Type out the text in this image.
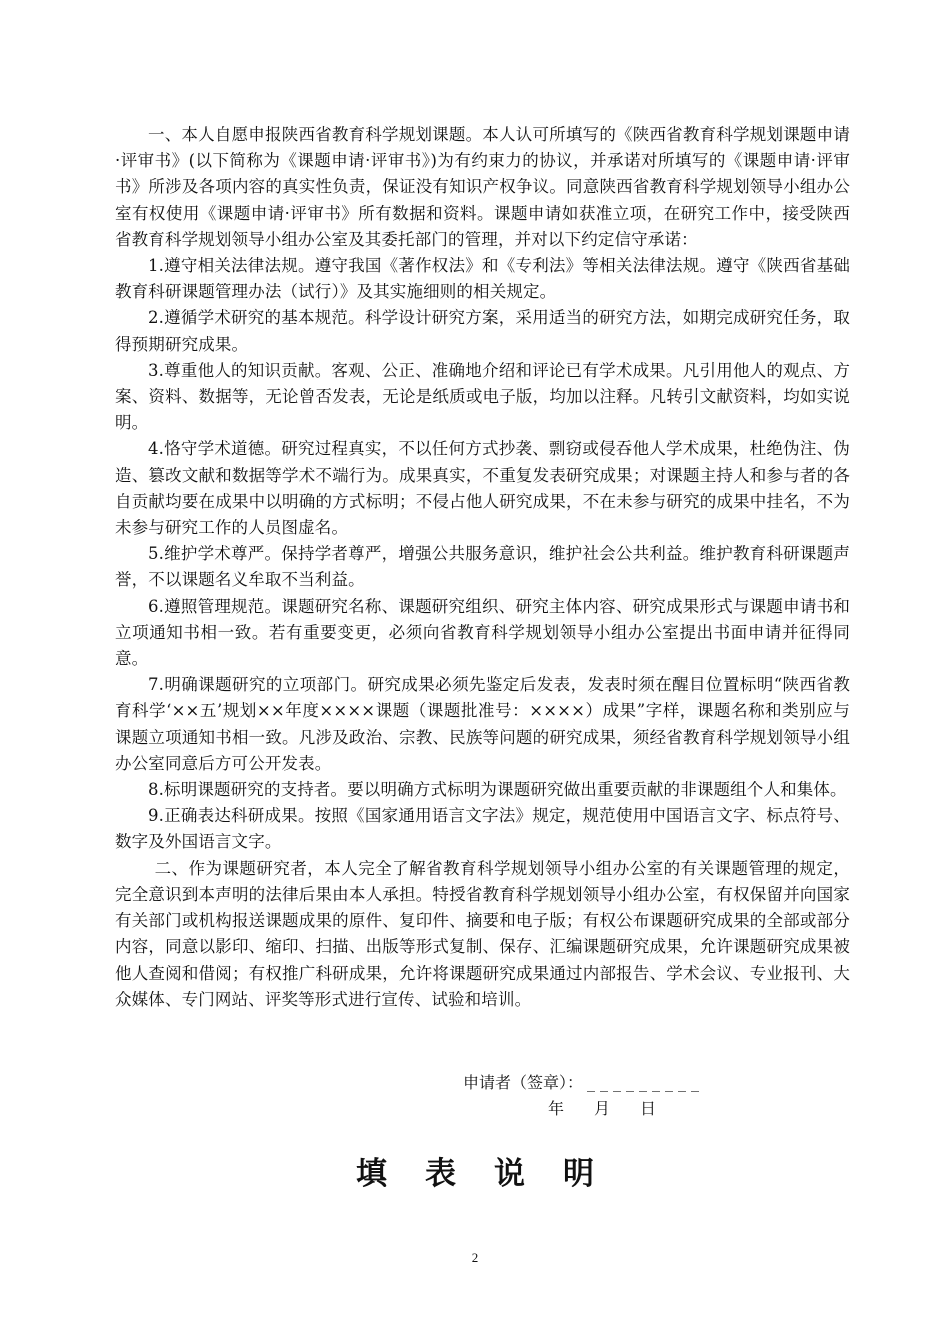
一、本人自愿申报陕西省教育科学规划课题。本人认可所填写的《陕西省教育科学规划课题申请·评审书》(以下简称为《课题申请·评审书》)为有约束力的协议，并承诺对所填写的《课题申请·评审书》所涉及各项内容的真实性负责，保证没有知识产权争议。同意陕西省教育科学规划领导小组办公室有权使用《课题申请·评审书》所有数据和资料。课题申请如获准立项，在研究工作中，接受陕西省教育科学规划领导小组办公室及其委托部门的管理，并对以下约定信守承诺：

1.遵守相关法律法规。遵守我国《著作权法》和《专利法》等相关法律法规。遵守《陕西省基础教育科研课题管理办法（试行）》及其实施细则的相关规定。

2.遵循学术研究的基本规范。科学设计研究方案，采用适当的研究方法，如期完成研究任务，取得预期研究成果。

3.尊重他人的知识贡献。客观、公正、准确地介绍和评论已有学术成果。凡引用他人的观点、方案、资料、数据等，无论曾否发表，无论是纸质或电子版，均加以注释。凡转引文献资料，均如实说明。

4.恪守学术道德。研究过程真实，不以任何方式抄袭、剽窃或侵吞他人学术成果，杜绝伪注、伪造、篡改文献和数据等学术不端行为。成果真实，不重复发表研究成果；对课题主持人和参与者的各自贡献均要在成果中以明确的方式标明；不侵占他人研究成果，不在未参与研究的成果中挂名，不为未参与研究工作的人员图虚名。

5.维护学术尊严。保持学者尊严，增强公共服务意识，维护社会公共利益。维护教育科研课题声誉，不以课题名义牟取不当利益。

6.遵照管理规范。课题研究名称、课题研究组织、研究主体内容、研究成果形式与课题申请书和立项通知书相一致。若有重要变更，必须向省教育科学规划领导小组办公室提出书面申请并征得同意。

7.明确课题研究的立项部门。研究成果必须先鉴定后发表，发表时须在醒目位置标明“陕西省教育科学‘××五’规划××年度××××课题（课题批准号：××××）成果”字样，课题名称和类别应与课题立项通知书相一致。凡涉及政治、宗教、民族等问题的研究成果，须经省教育科学规划领导小组办公室同意后方可公开发表。

8.标明课题研究的支持者。要以明确方式标明为课题研究做出重要贡献的非课题组个人和集体。

9.正确表达科研成果。按照《国家通用语言文字法》规定，规范使用中国语言文字、标点符号、数字及外国语言文字。

二、作为课题研究者，本人完全了解省教育科学规划领导小组办公室的有关课题管理的规定，完全意识到本声明的法律后果由本人承担。特授省教育科学规划领导小组办公室，有权保留并向国家有关部门或机构报送课题成果的原件、复印件、摘要和电子版；有权公布课题研究成果的全部或部分内容，同意以影印、缩印、扫描、出版等形式复制、保存、汇编课题研究成果，允许课题研究成果被他人查阅和借阅；有权推广科研成果，允许将课题研究成果通过内部报告、学术会议、专业报刊、大众媒体、专门网站、评奖等形式进行宣传、试验和培训。

申请者（签章）： _________
年 月 日
填表说明
2
